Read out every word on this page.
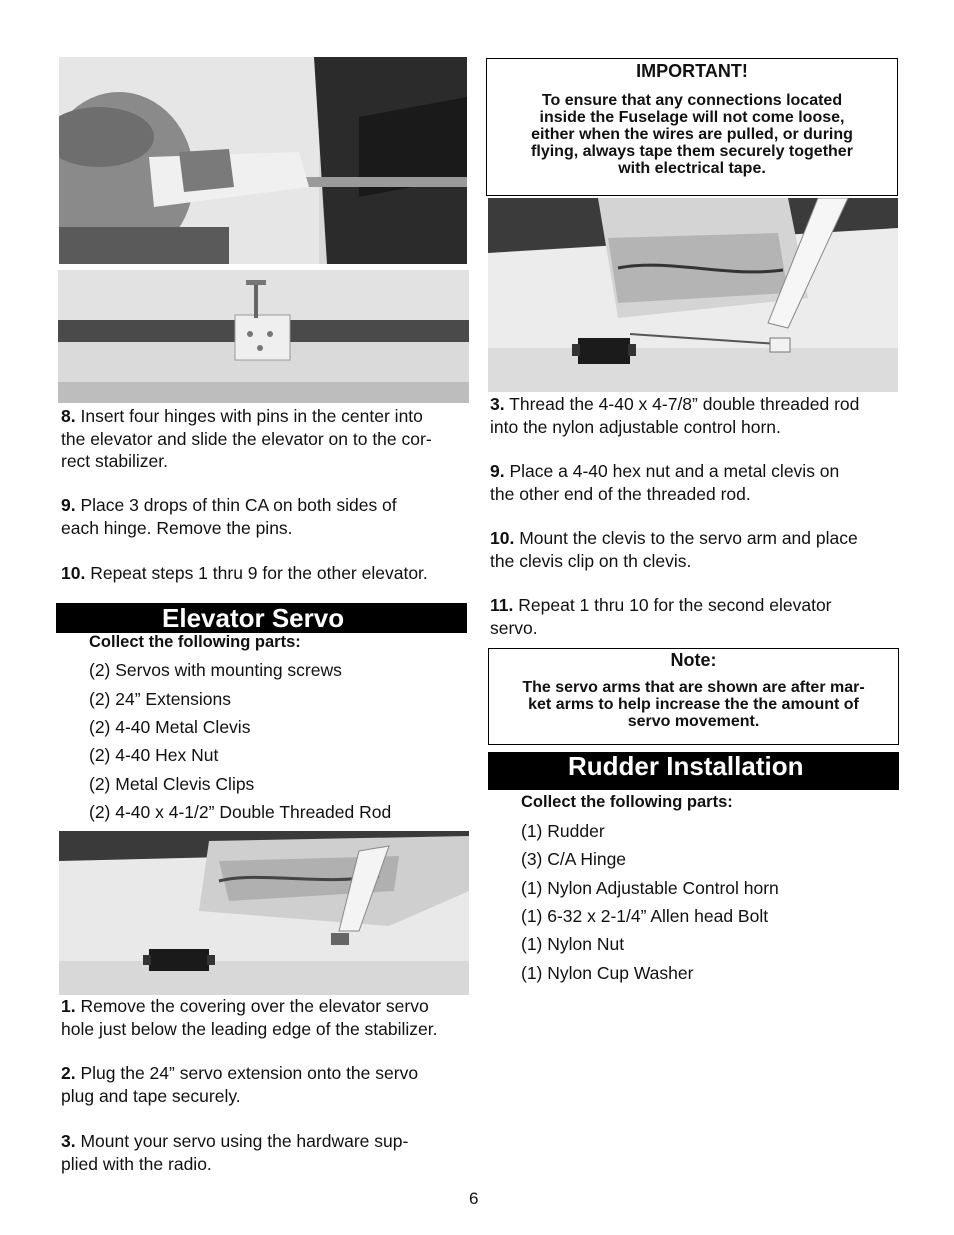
8. Insert four hinges with pins in the center into
the elevator and slide the elevator on to the cor-
rect stabilizer.
9. Place 3 drops of thin CA on both sides of
each hinge. Remove the pins.
10. Repeat steps 1 thru 9 for the other elevator.
Elevator Servo
Collect the following parts:
(2) Servos with mounting screws
(2) 24” Extensions
(2) 4-40 Metal Clevis
(2) 4-40 Hex Nut
(2) Metal Clevis Clips
(2) 4-40 x 4-1/2” Double Threaded Rod
1. Remove the covering over the elevator servo
hole just below the leading edge of the stabilizer.
2. Plug the 24” servo extension onto the servo
plug and tape securely.
3. Mount your servo using the hardware sup-
plied with the radio.
IMPORTANT!
To ensure that any connections located
inside the Fuselage will not come loose,
either when the wires are pulled, or during
flying, always tape them securely together
with electrical tape.
3. Thread the 4-40 x 4-7/8” double threaded rod
into the nylon adjustable control horn.
9. Place a 4-40 hex nut and a metal clevis on
the other end of the threaded rod.
10. Mount the clevis to the servo arm and place
the clevis clip on th clevis.
11. Repeat 1 thru 10 for the second elevator
servo.
Note:
The servo arms that are shown are after mar-
ket arms to help increase the the amount of
servo movement.
Rudder Installation
Collect the following parts:
(1) Rudder
(3) C/A Hinge
(1) Nylon Adjustable Control horn
(1) 6-32 x 2-1/4” Allen head Bolt
(1) Nylon Nut
(1) Nylon Cup Washer
6
